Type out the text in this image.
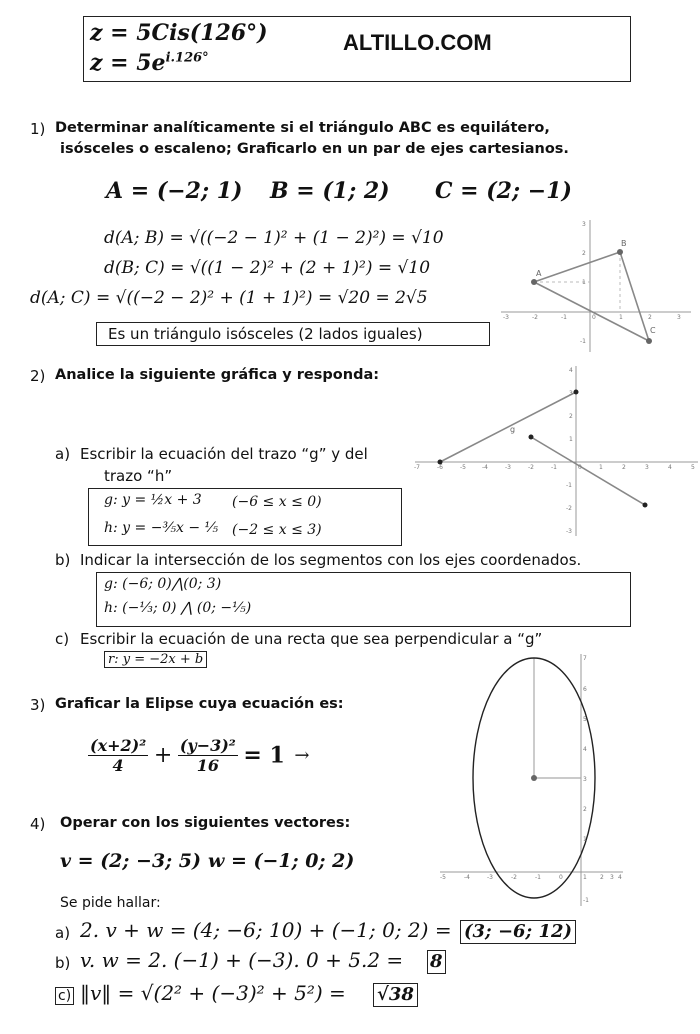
z = 5Cis(126°)
$z = 5e^{i.126^\circ}$
ALTILLO.COM
1) Determinar analíticamente si el triángulo ABC es equilátero,
isósceles o escaleno; Graficarlo en un par de ejes cartesianos.
A = (−2; 1) B = (1; 2) C = (2; −1)
d(A; B) = √((−2 − 1)² + (1 − 2)²) = √10
d(B; C) = √((1 − 2)² + (2 + 1)²) = √10
d(A; C) = √((−2 − 2)² + (1 + 1)²) = √20 = 2√5
Es un triángulo isósceles (2 lados iguales)
A
B
C
-3	-2	-1	0	1	2	3
3
2
1
-1
2) Analice la siguiente gráfica y responda:
g
-7	-6	-5	-4	-3	-2	-1	0	1	2	3	4	5
4
3
2
1
-1
-2
-3
a) Escribir la ecuación del trazo “g” y del
trazo “h”
g: y = ½x + 3 (−6 ≤ x ≤ 0)
h: y = −⅗x − ⅕ (−2 ≤ x ≤ 3)
b) Indicar la intersección de los segmentos con los ejes coordenados.
g: (−6; 0)⋀(0; 3)
h: (−⅓; 0) ⋀ (0; −⅕)
c) Escribir la ecuación de una recta que sea perpendicular a “g”
r: y = −2x + b
3) Graficar la Elipse cuya ecuación es:
$\frac{\text{(x+2)²}}{4} + \frac{\text{(y−3)²}}{16} = 1$ →
-5	-4	-3	-2	-1	0	1 2 3 4
7
6
5
4
3
2
1
-1
4) Operar con los siguientes vectores:
v = (2; −3; 5) w = (−1; 0; 2)
Se pide hallar:
a) 2. v + w = (4; −6; 10) + (−1; 0; 2) = (3; −6; 12)
b) v. w = 2. (−1) + (−3). 0 + 5.2 = 8
c) ‖v‖ = √(2² + (−3)² + 5²) = √38
